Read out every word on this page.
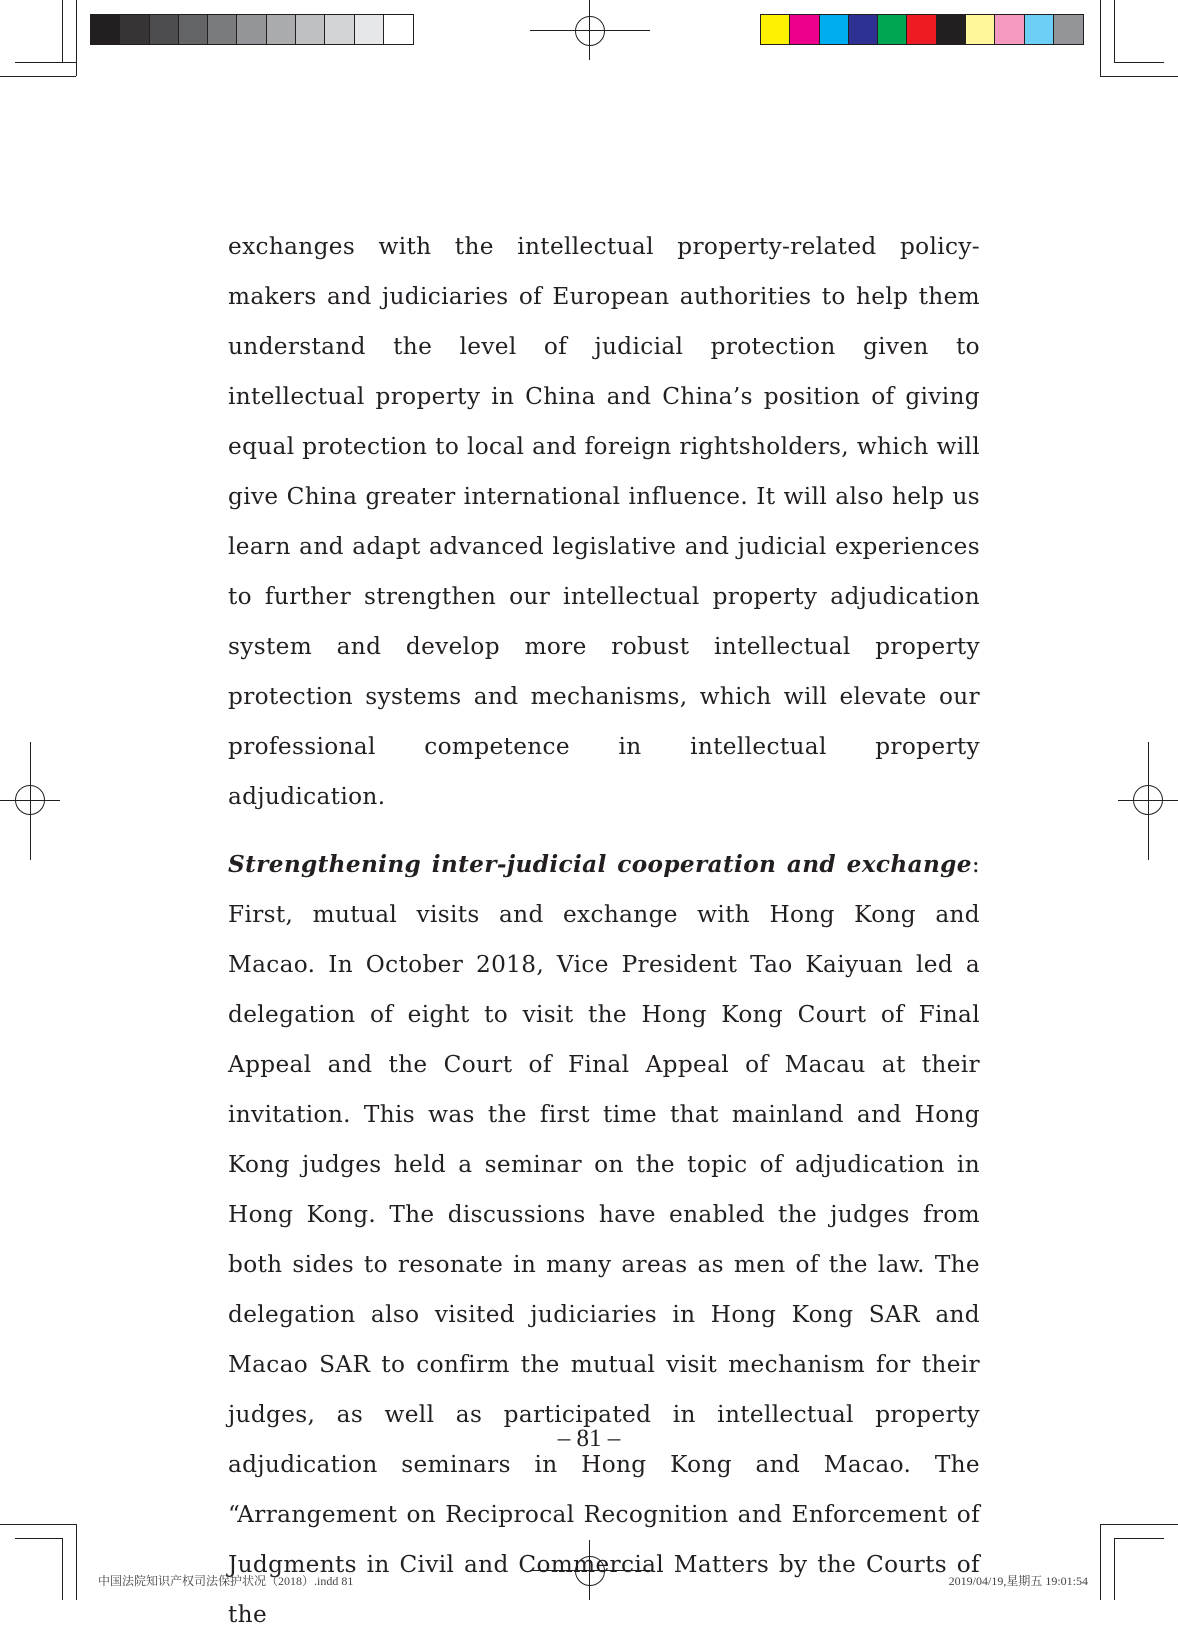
exchanges with the intellectual property-related policy-makers and judiciaries of European authorities to help them understand the level of judicial protection given to intellectual property in China and China’s position of giving equal protection to local and foreign rightsholders, which will give China greater international influence. It will also help us learn and adapt advanced legislative and judicial experiences to further strengthen our intellectual property adjudication system and develop more robust intellectual property protection systems and mechanisms, which will elevate our professional competence in intellectual property adjudication.

Strengthening inter-judicial cooperation and exchange: First, mutual visits and exchange with Hong Kong and Macao. In October 2018, Vice President Tao Kaiyuan led a delegation of eight to visit the Hong Kong Court of Final Appeal and the Court of Final Appeal of Macau at their invitation. This was the first time that mainland and Hong Kong judges held a seminar on the topic of adjudication in Hong Kong. The discussions have enabled the judges from both sides to resonate in many areas as men of the law. The delegation also visited judiciaries in Hong Kong SAR and Macao SAR to confirm the mutual visit mechanism for their judges, as well as participated in intellectual property adjudication seminars in Hong Kong and Macao. The “Arrangement on Reciprocal Recognition and Enforcement of Judgments in Civil and Commercial Matters by the Courts of the

– 81 –
中国法院知识产权司法保护状况（2018）.indd 81	2019/04/19,星期五 19:01:54
